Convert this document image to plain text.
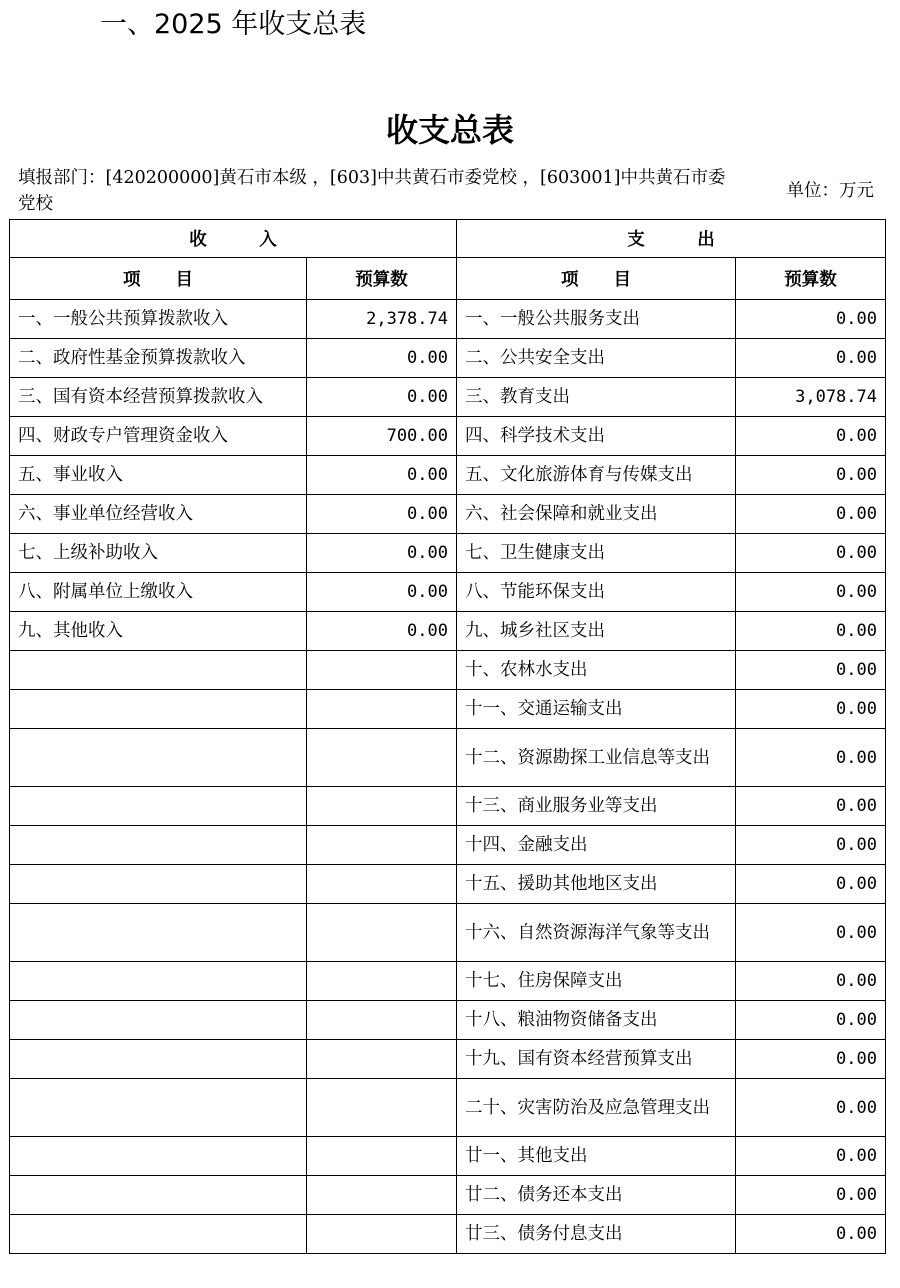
一、2025 年收支总表
收支总表
填报部门：[420200000]黄石市本级 ，[603]中共黄石市委党校 ，[603001]中共黄石市委党校
单位：万元
收　　　入		支　　　出	
项　　目	预算数	项　　目	预算数
一、一般公共预算拨款收入	2,378.74	一、一般公共服务支出	0.00
二、政府性基金预算拨款收入	0.00	二、公共安全支出	0.00
三、国有资本经营预算拨款收入	0.00	三、教育支出	3,078.74
四、财政专户管理资金收入	700.00	四、科学技术支出	0.00
五、事业收入	0.00	五、文化旅游体育与传媒支出	0.00
六、事业单位经营收入	0.00	六、社会保障和就业支出	0.00
七、上级补助收入	0.00	七、卫生健康支出	0.00
八、附属单位上缴收入	0.00	八、节能环保支出	0.00
九、其他收入	0.00	九、城乡社区支出	0.00
		十、农林水支出	0.00
		十一、交通运输支出	0.00
		十二、资源勘探工业信息等支出	0.00
		十三、商业服务业等支出	0.00
		十四、金融支出	0.00
		十五、援助其他地区支出	0.00
		十六、自然资源海洋气象等支出	0.00
		十七、住房保障支出	0.00
		十八、粮油物资储备支出	0.00
		十九、国有资本经营预算支出	0.00
		二十、灾害防治及应急管理支出	0.00
		廿一、其他支出	0.00
		廿二、债务还本支出	0.00
		廿三、债务付息支出	0.00
